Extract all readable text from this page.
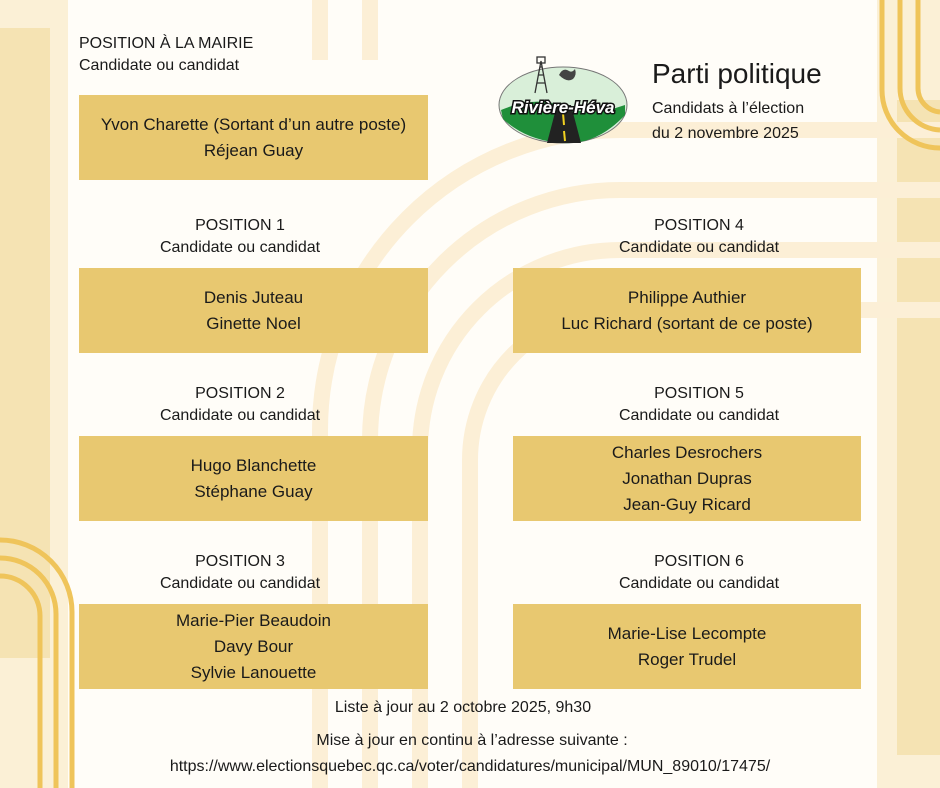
Rivière-Héva
Parti politique
Candidats à l’élection
du 2 novembre 2025
POSITION À LA MAIRIE
Candidate ou candidat
Yvon Charette (Sortant d’un autre poste)
Réjean Guay
POSITION 1
Candidate ou candidat
Denis Juteau
Ginette Noel
POSITION 2
Candidate ou candidat
Hugo Blanchette
Stéphane Guay
POSITION 3
Candidate ou candidat
Marie-Pier Beaudoin
Davy Bour
Sylvie Lanouette
POSITION 4
Candidate ou candidat
Philippe Authier
Luc Richard (sortant de ce poste)
POSITION 5
Candidate ou candidat
Charles Desrochers
Jonathan Dupras
Jean-Guy Ricard
POSITION 6
Candidate ou candidat
Marie-Lise Lecompte
Roger Trudel
Liste à jour au 2 octobre 2025, 9h30
Mise à jour en continu à l’adresse suivante :
https://www.electionsquebec.qc.ca/voter/candidatures/municipal/MUN_89010/17475/
